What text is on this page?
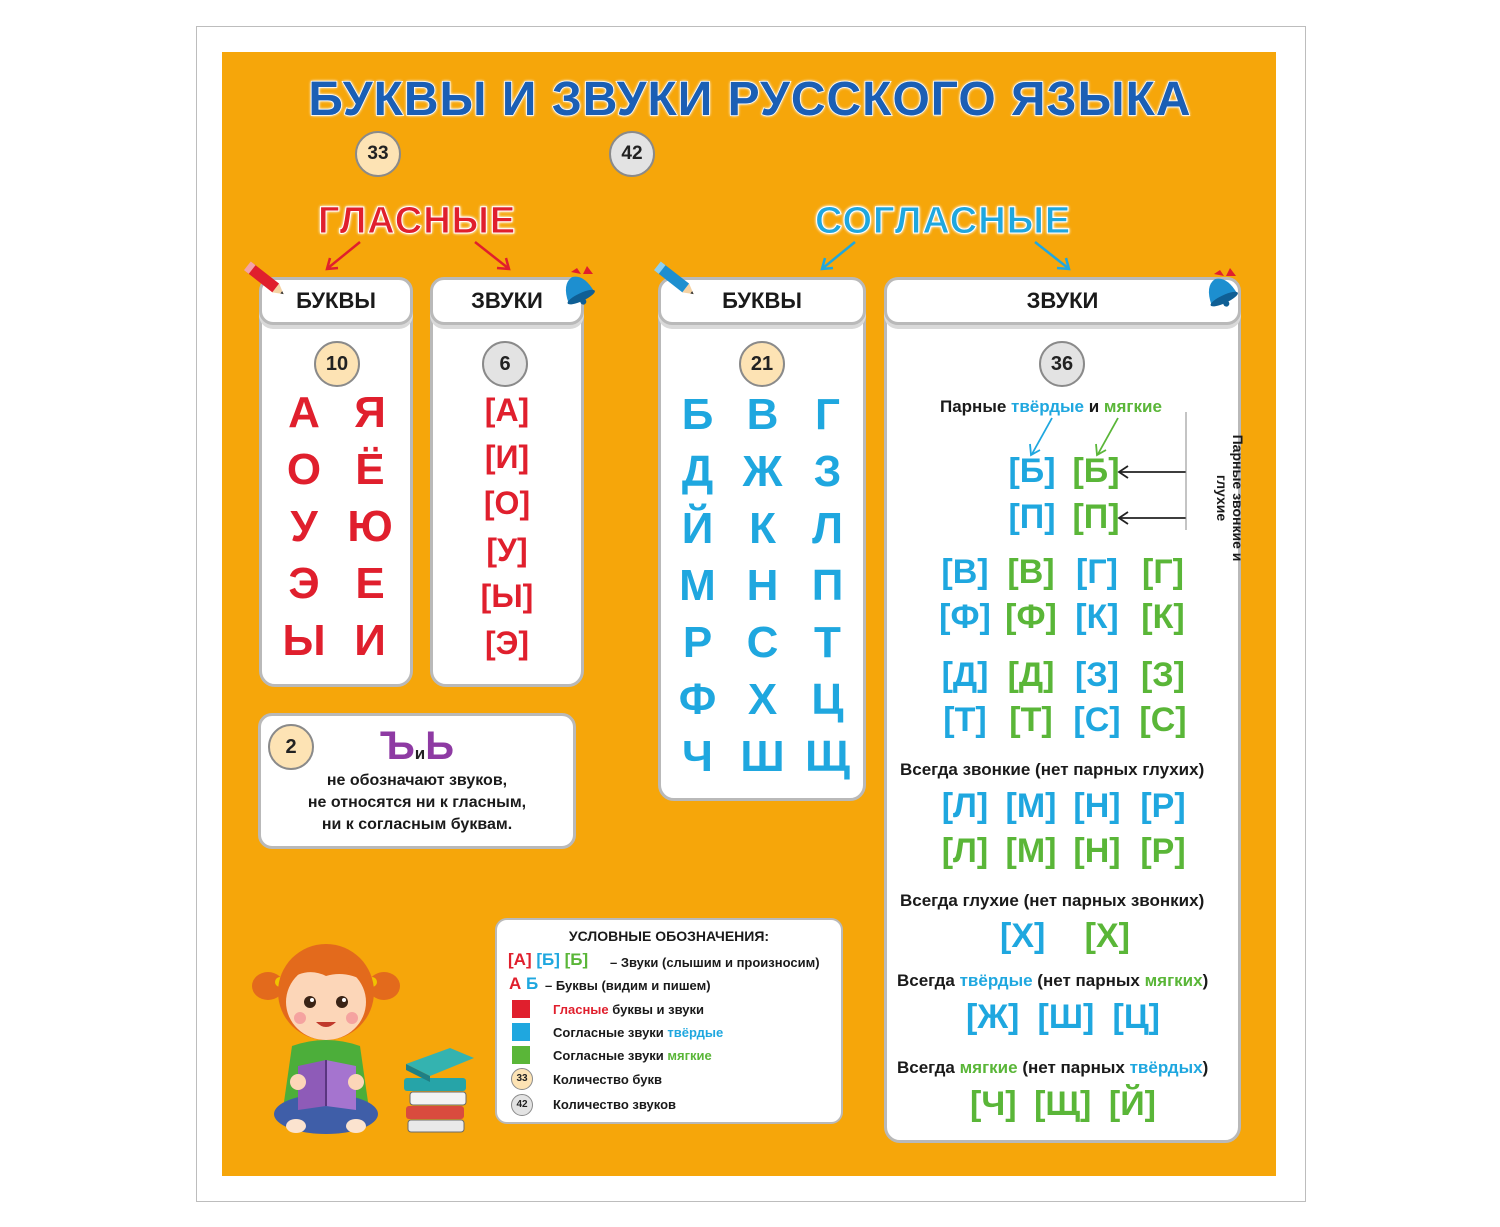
БУКВЫ И ЗВУКИ РУССКОГО ЯЗЫКА
33	42
ГЛАСНЫЕ	СОГЛАСНЫЕ
БУКВЫ
10
А Я
О Ё
У Ю
Э Е
Ы И
ЗВУКИ
6
[А]
[И]
[О]
[У]
[Ы]
[Э]
2	ЪиЬ
не обозначают звуков,
не относятся ни к гласным,
ни к согласным буквам.
БУКВЫ
21
Б В Г
Д Ж З
Й К Л
М Н П
Р С Т
Ф Х Ц
Ч Ш Щ
ЗВУКИ
36
Парные твёрдые и мягкие
Парные звонкие и глухие
[Б] [Б]
[П] [П]
[В] [В] [Г] [Г]
[Ф] [Ф] [К] [К]
[Д] [Д] [З] [З]
[Т] [Т] [С] [С]
Всегда звонкие (нет парных глухих)
[Л] [М] [Н] [Р]
[Л] [М] [Н] [Р]
Всегда глухие (нет парных звонких)
[Х] [Х]
Всегда твёрдые (нет парных мягких)
[Ж] [Ш] [Ц]
Всегда мягкие (нет парных твёрдых)
[Ч] [Щ] [Й]
УСЛОВНЫЕ ОБОЗНАЧЕНИЯ:
[А] [Б] [Б] – Звуки (слышим и произносим)
А Б – Буквы (видим и пишем)
Гласные буквы и звуки
Согласные звуки твёрдые
Согласные звуки мягкие
33	Количество букв
42	Количество звуков
